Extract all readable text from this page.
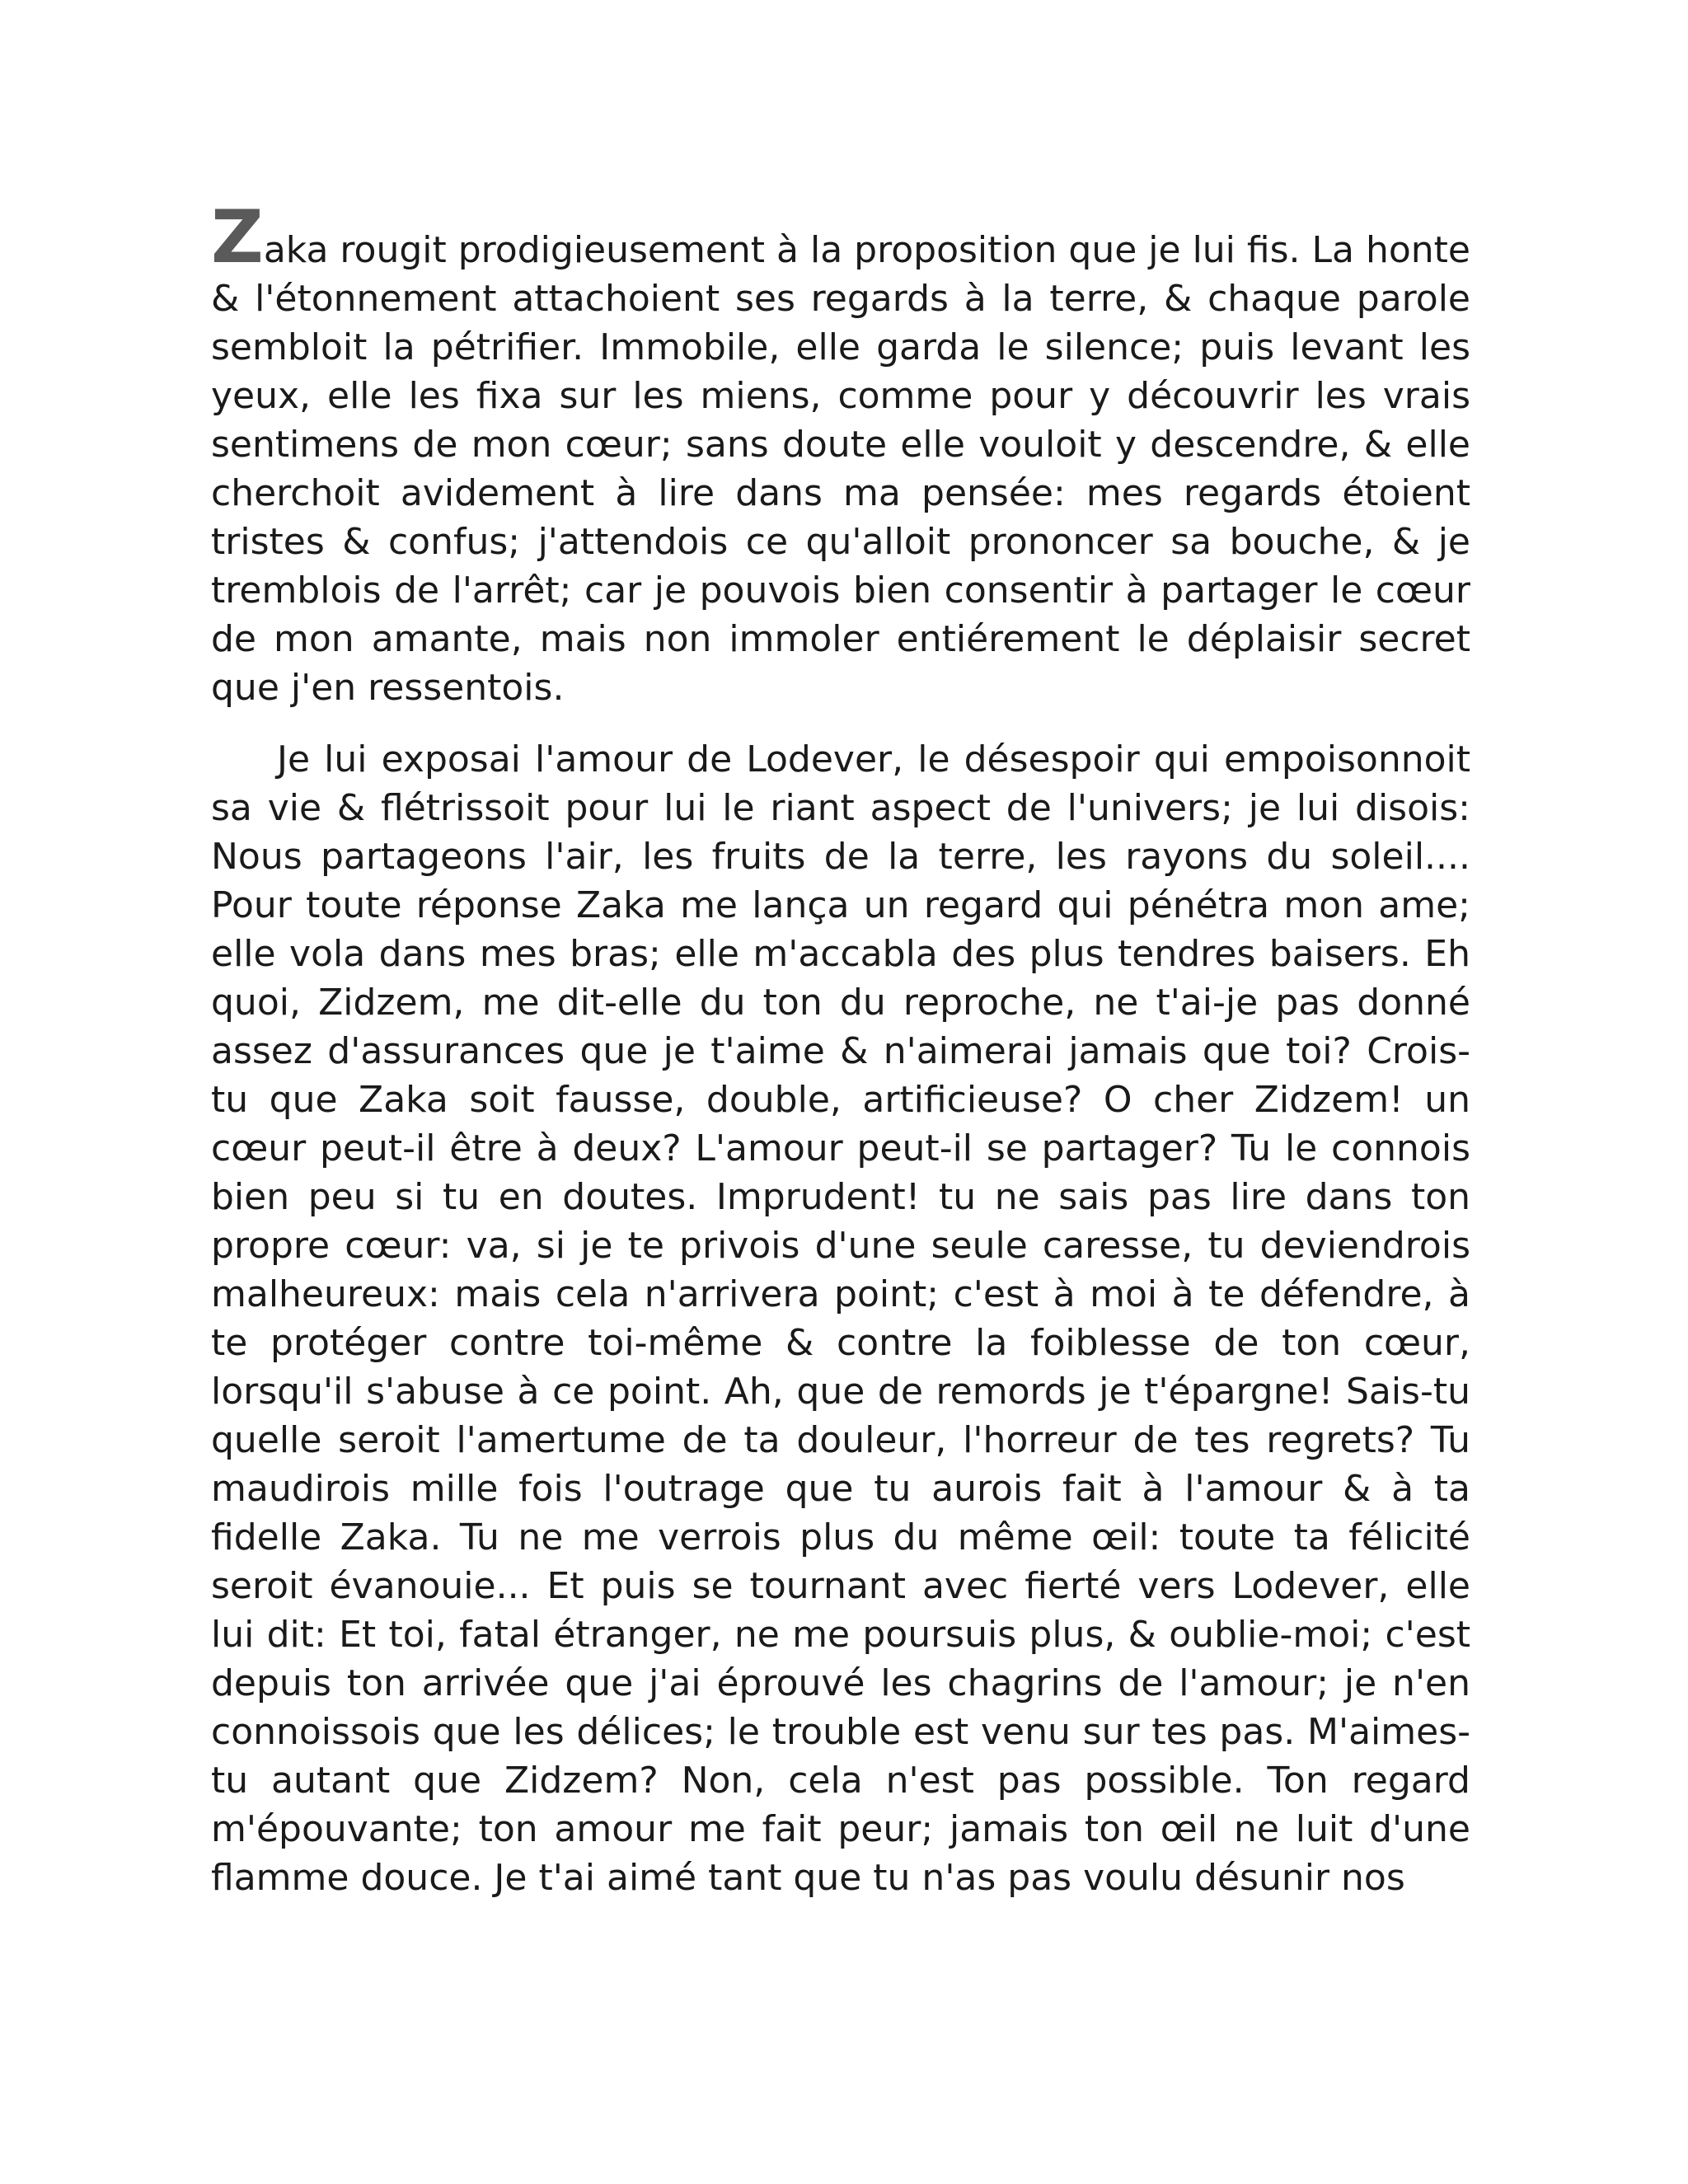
Zaka rougit prodigieusement à la proposition que je lui fis. La honte & l'étonnement attachoient ses regards à la terre, & chaque parole sembloit la pétrifier. Immobile, elle garda le silence; puis levant les yeux, elle les fixa sur les miens, comme pour y découvrir les vrais sentimens de mon cœur; sans doute elle vouloit y descendre, & elle cherchoit avidement à lire dans ma pensée: mes regards étoient tristes & confus; j'attendois ce qu'alloit prononcer sa bouche, & je tremblois de l'arrêt; car je pouvois bien consentir à partager le cœur de mon amante, mais non immoler entiérement le déplaisir secret que j'en ressentois.

Je lui exposai l'amour de Lodever, le désespoir qui empoisonnoit sa vie & flétrissoit pour lui le riant aspect de l'univers; je lui disois: Nous partageons l'air, les fruits de la terre, les rayons du soleil.... Pour toute réponse Zaka me lança un regard qui pénétra mon ame; elle vola dans mes bras; elle m'accabla des plus tendres baisers. Eh quoi, Zidzem, me dit-elle du ton du reproche, ne t'ai-je pas donné assez d'assurances que je t'aime & n'aimerai jamais que toi? Crois-tu que Zaka soit fausse, double, artificieuse? O cher Zidzem! un cœur peut-il être à deux? L'amour peut-il se partager? Tu le connois bien peu si tu en doutes. Imprudent! tu ne sais pas lire dans ton propre cœur: va, si je te privois d'une seule caresse, tu deviendrois malheureux: mais cela n'arrivera point; c'est à moi à te défendre, à te protéger contre toi-même & contre la foiblesse de ton cœur, lorsqu'il s'abuse à ce point. Ah, que de remords je t'épargne! Sais-tu quelle seroit l'amertume de ta douleur, l'horreur de tes regrets? Tu maudirois mille fois l'outrage que tu aurois fait à l'amour & à ta fidelle Zaka. Tu ne me verrois plus du même œil: toute ta félicité seroit évanouie... Et puis se tournant avec fierté vers Lodever, elle lui dit: Et toi, fatal étranger, ne me poursuis plus, & oublie-moi; c'est depuis ton arrivée que j'ai éprouvé les chagrins de l'amour; je n'en connoissois que les délices; le trouble est venu sur tes pas. M'aimes-tu autant que Zidzem? Non, cela n'est pas possible. Ton regard m'épouvante; ton amour me fait peur; jamais ton œil ne luit d'une flamme douce. Je t'ai aimé tant que tu n'as pas voulu désunir nos
